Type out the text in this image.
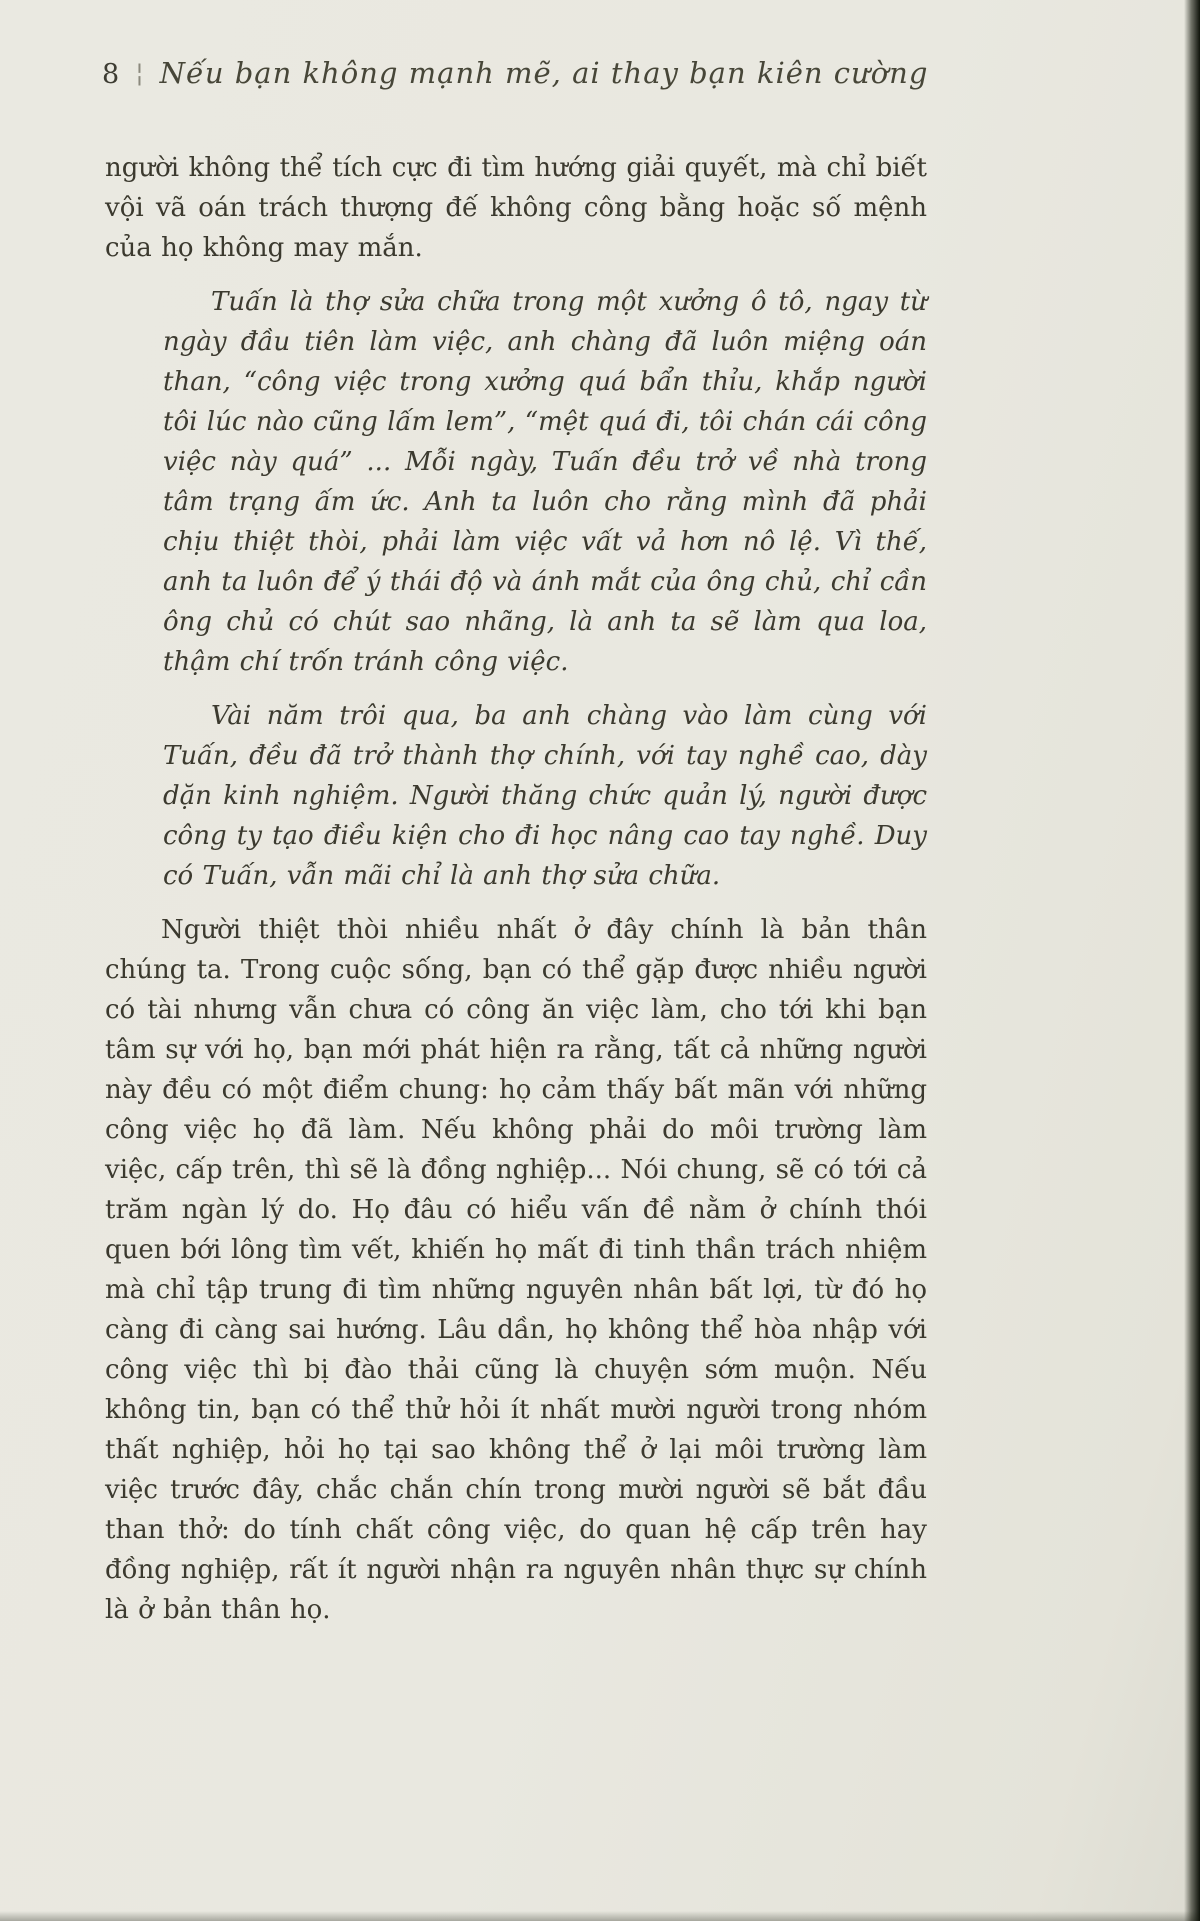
8 ¦ Nếu bạn không mạnh mẽ, ai thay bạn kiên cường

người không thể tích cực đi tìm hướng giải quyết, mà chỉ biết vội vã oán trách thượng đế không công bằng hoặc số mệnh của họ không may mắn.

Tuấn là thợ sửa chữa trong một xưởng ô tô, ngay từ ngày đầu tiên làm việc, anh chàng đã luôn miệng oán than, “công việc trong xưởng quá bẩn thỉu, khắp người tôi lúc nào cũng lấm lem”, “mệt quá đi, tôi chán cái công việc này quá” ... Mỗi ngày, Tuấn đều trở về nhà trong tâm trạng ấm ức. Anh ta luôn cho rằng mình đã phải chịu thiệt thòi, phải làm việc vất vả hơn nô lệ. Vì thế, anh ta luôn để ý thái độ và ánh mắt của ông chủ, chỉ cần ông chủ có chút sao nhãng, là anh ta sẽ làm qua loa, thậm chí trốn tránh công việc.

Vài năm trôi qua, ba anh chàng vào làm cùng với Tuấn, đều đã trở thành thợ chính, với tay nghề cao, dày dặn kinh nghiệm. Người thăng chức quản lý, người được công ty tạo điều kiện cho đi học nâng cao tay nghề. Duy có Tuấn, vẫn mãi chỉ là anh thợ sửa chữa.

Người thiệt thòi nhiều nhất ở đây chính là bản thân chúng ta. Trong cuộc sống, bạn có thể gặp được nhiều người có tài nhưng vẫn chưa có công ăn việc làm, cho tới khi bạn tâm sự với họ, bạn mới phát hiện ra rằng, tất cả những người này đều có một điểm chung: họ cảm thấy bất mãn với những công việc họ đã làm. Nếu không phải do môi trường làm việc, cấp trên, thì sẽ là đồng nghiệp... Nói chung, sẽ có tới cả trăm ngàn lý do. Họ đâu có hiểu vấn đề nằm ở chính thói quen bới lông tìm vết, khiến họ mất đi tinh thần trách nhiệm mà chỉ tập trung đi tìm những nguyên nhân bất lợi, từ đó họ càng đi càng sai hướng. Lâu dần, họ không thể hòa nhập với công việc thì bị đào thải cũng là chuyện sớm muộn. Nếu không tin, bạn có thể thử hỏi ít nhất mười người trong nhóm thất nghiệp, hỏi họ tại sao không thể ở lại môi trường làm việc trước đây, chắc chắn chín trong mười người sẽ bắt đầu than thở: do tính chất công việc, do quan hệ cấp trên hay đồng nghiệp, rất ít người nhận ra nguyên nhân thực sự chính là ở bản thân họ.
